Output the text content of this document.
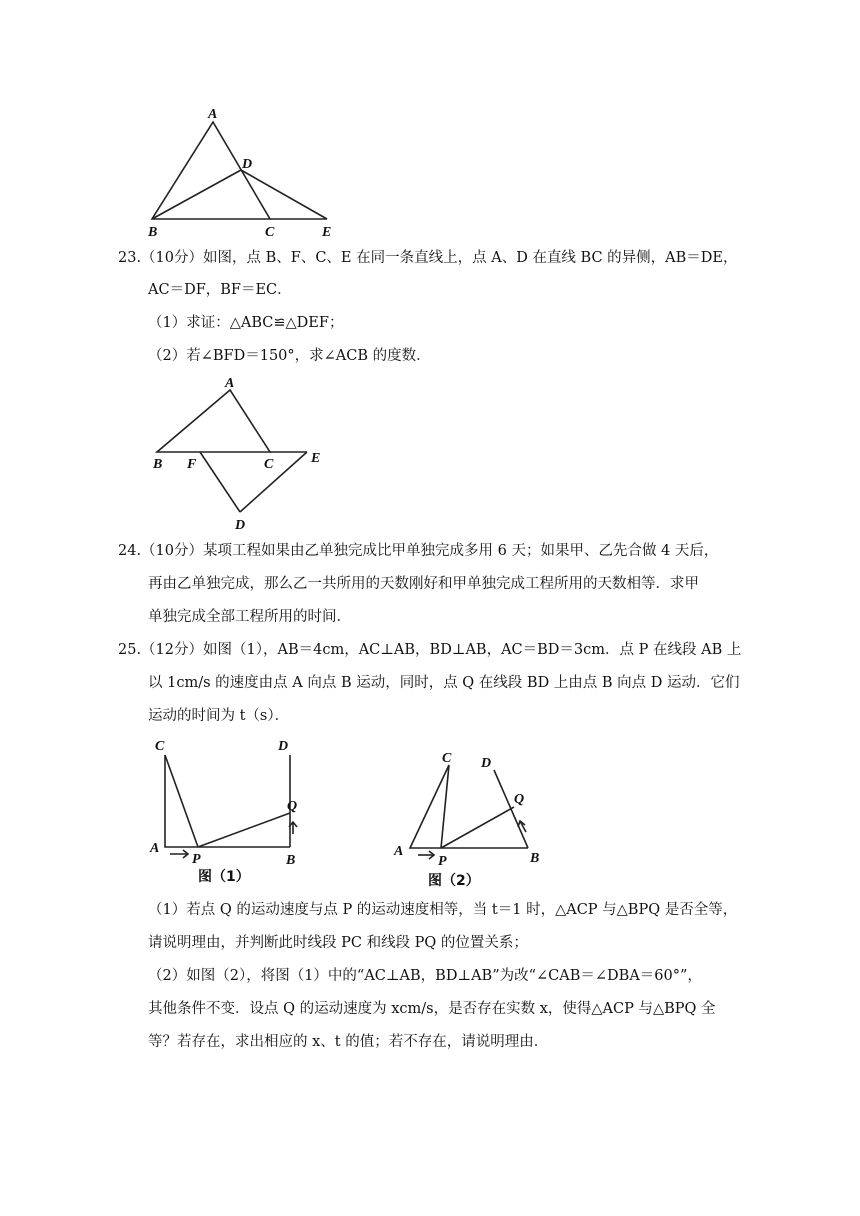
A
D
B	C	E
23.（10分）如图，点 B、F、C、E 在同一条直线上，点 A、D 在直线 BC 的异侧，AB＝DE，
AC＝DF，BF＝EC．
（1）求证：△ABC≌△DEF；
（2）若∠BFD＝150°，求∠ACB 的度数．
A
B F	C	E
D
24.（10分）某项工程如果由乙单独完成比甲单独完成多用 6 天；如果甲、乙先合做 4 天后，
再由乙单独完成，那么乙一共所用的天数刚好和甲单独完成工程所用的天数相等．求甲
单独完成全部工程所用的时间．
25.（12分）如图（1），AB＝4cm，AC⊥AB，BD⊥AB，AC＝BD＝3cm．点 P 在线段 AB 上
以 1cm/s 的速度由点 A 向点 B 运动，同时，点 Q 在线段 BD 上由点 B 向点 D 运动．它们
运动的时间为 t（s）．
C	D
Q
A
P	B
图（1）
C D
Q
A
P	B
图（2）
（1）若点 Q 的运动速度与点 P 的运动速度相等，当 t＝1 时，△ACP 与△BPQ 是否全等，
请说明理由，并判断此时线段 PC 和线段 PQ 的位置关系；
（2）如图（2），将图（1）中的“AC⊥AB，BD⊥AB”为改“∠CAB＝∠DBA＝60°”，
其他条件不变．设点 Q 的运动速度为 xcm/s，是否存在实数 x，使得△ACP 与△BPQ 全
等？若存在，求出相应的 x、t 的值；若不存在，请说明理由．
